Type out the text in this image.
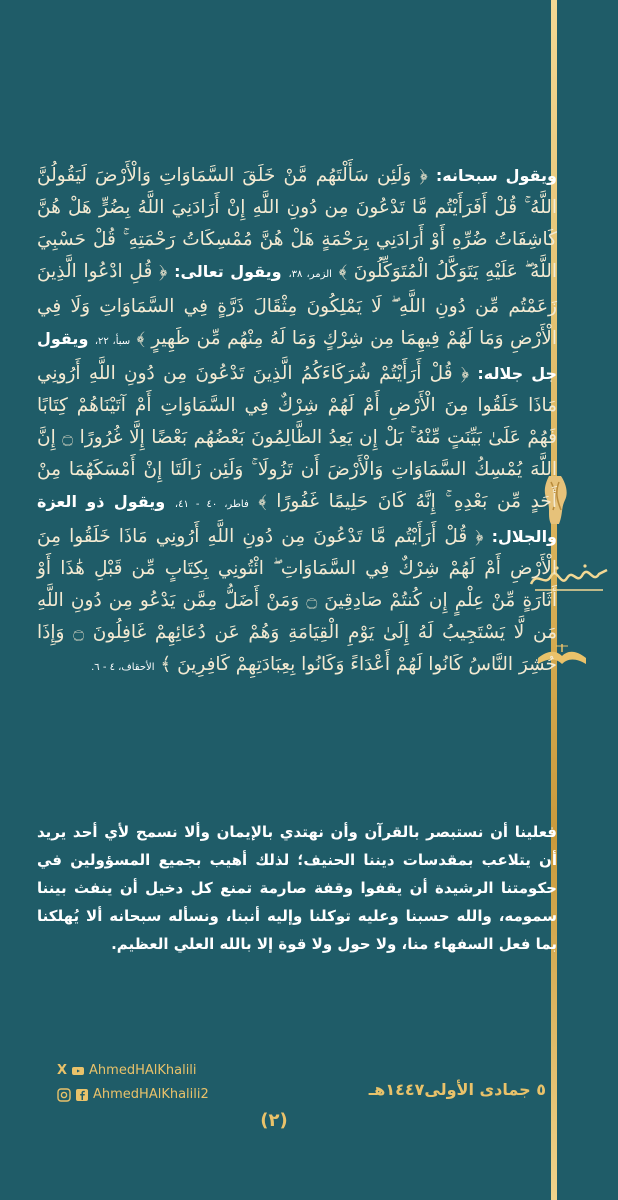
ويقول سبحانه: ﴿ وَلَئِن سَأَلْتَهُم مَّنْ خَلَقَ السَّمَاوَاتِ وَالْأَرْضَ لَيَقُولُنَّ اللَّهُ ۚ قُلْ أَفَرَأَيْتُم مَّا تَدْعُونَ مِن دُونِ اللَّهِ إِنْ أَرَادَنِيَ اللَّهُ بِضُرٍّ هَلْ هُنَّ كَاشِفَاتُ ضُرِّهِ أَوْ أَرَادَنِي بِرَحْمَةٍ هَلْ هُنَّ مُمْسِكَاتُ رَحْمَتِهِ ۚ قُلْ حَسْبِيَ اللَّهُ ۖ عَلَيْهِ يَتَوَكَّلُ الْمُتَوَكِّلُونَ ﴾ الزمر، ٣٨، ويقول تعالى: ﴿ قُلِ ادْعُوا الَّذِينَ زَعَمْتُم مِّن دُونِ اللَّهِ ۖ لَا يَمْلِكُونَ مِثْقَالَ ذَرَّةٍ فِي السَّمَاوَاتِ وَلَا فِي الْأَرْضِ وَمَا لَهُمْ فِيهِمَا مِن شِرْكٍ وَمَا لَهُ مِنْهُم مِّن ظَهِيرٍ ﴾ سبأ، ٢٢، ويقول جل جلاله: ﴿ قُلْ أَرَأَيْتُمْ شُرَكَاءَكُمُ الَّذِينَ تَدْعُونَ مِن دُونِ اللَّهِ أَرُونِي مَاذَا خَلَقُوا مِنَ الْأَرْضِ أَمْ لَهُمْ شِرْكٌ فِي السَّمَاوَاتِ أَمْ آتَيْنَاهُمْ كِتَابًا فَهُمْ عَلَىٰ بَيِّنَتٍ مِّنْهُ ۚ بَلْ إِن يَعِدُ الظَّالِمُونَ بَعْضُهُم بَعْضًا إِلَّا غُرُورًا ۝ إِنَّ اللَّهَ يُمْسِكُ السَّمَاوَاتِ وَالْأَرْضَ أَن تَزُولَا ۚ وَلَئِن زَالَتَا إِنْ أَمْسَكَهُمَا مِنْ أَحَدٍ مِّن بَعْدِهِ ۚ إِنَّهُ كَانَ حَلِيمًا غَفُورًا ﴾ فاطر، ٤٠ - ٤١، ويقول ذو العزة والجلال: ﴿ قُلْ أَرَأَيْتُم مَّا تَدْعُونَ مِن دُونِ اللَّهِ أَرُونِي مَاذَا خَلَقُوا مِنَ الْأَرْضِ أَمْ لَهُمْ شِرْكٌ فِي السَّمَاوَاتِ ۖ ائْتُونِي بِكِتَابٍ مِّن قَبْلِ هَٰذَا أَوْ أَثَارَةٍ مِّنْ عِلْمٍ إِن كُنتُمْ صَادِقِينَ ۝ وَمَنْ أَضَلُّ مِمَّن يَدْعُو مِن دُونِ اللَّهِ مَن لَّا يَسْتَجِيبُ لَهُ إِلَىٰ يَوْمِ الْقِيَامَةِ وَهُمْ عَن دُعَائِهِمْ غَافِلُونَ ۝ وَإِذَا حُشِرَ النَّاسُ كَانُوا لَهُمْ أَعْدَاءً وَكَانُوا بِعِبَادَتِهِمْ كَافِرِينَ ﴾ الأحقاف، ٤ - ٦.

فعلينا أن نستبصر بالقرآن وأن نهتدي بالإيمان وألا نسمح لأي أحد يريد أن يتلاعب بمقدسات ديننا الحنيف؛ لذلك أهيب بجميع المسؤولين في حكومتنا الرشيدة أن يقفوا وقفة صارمة تمنع كل دخيل أن ينفث بيننا سمومه، والله حسبنا وعليه توكلنا وإليه أنبنا، ونسأله سبحانه ألا يُهلكنا بما فعل السفهاء منا، ولا حول ولا قوة إلا بالله العلي العظيم.
X AhmedHAlKhalili
AhmedHAlKhalili2	٥ جمادى الأولى١٤٤٧هـ
(٢)
